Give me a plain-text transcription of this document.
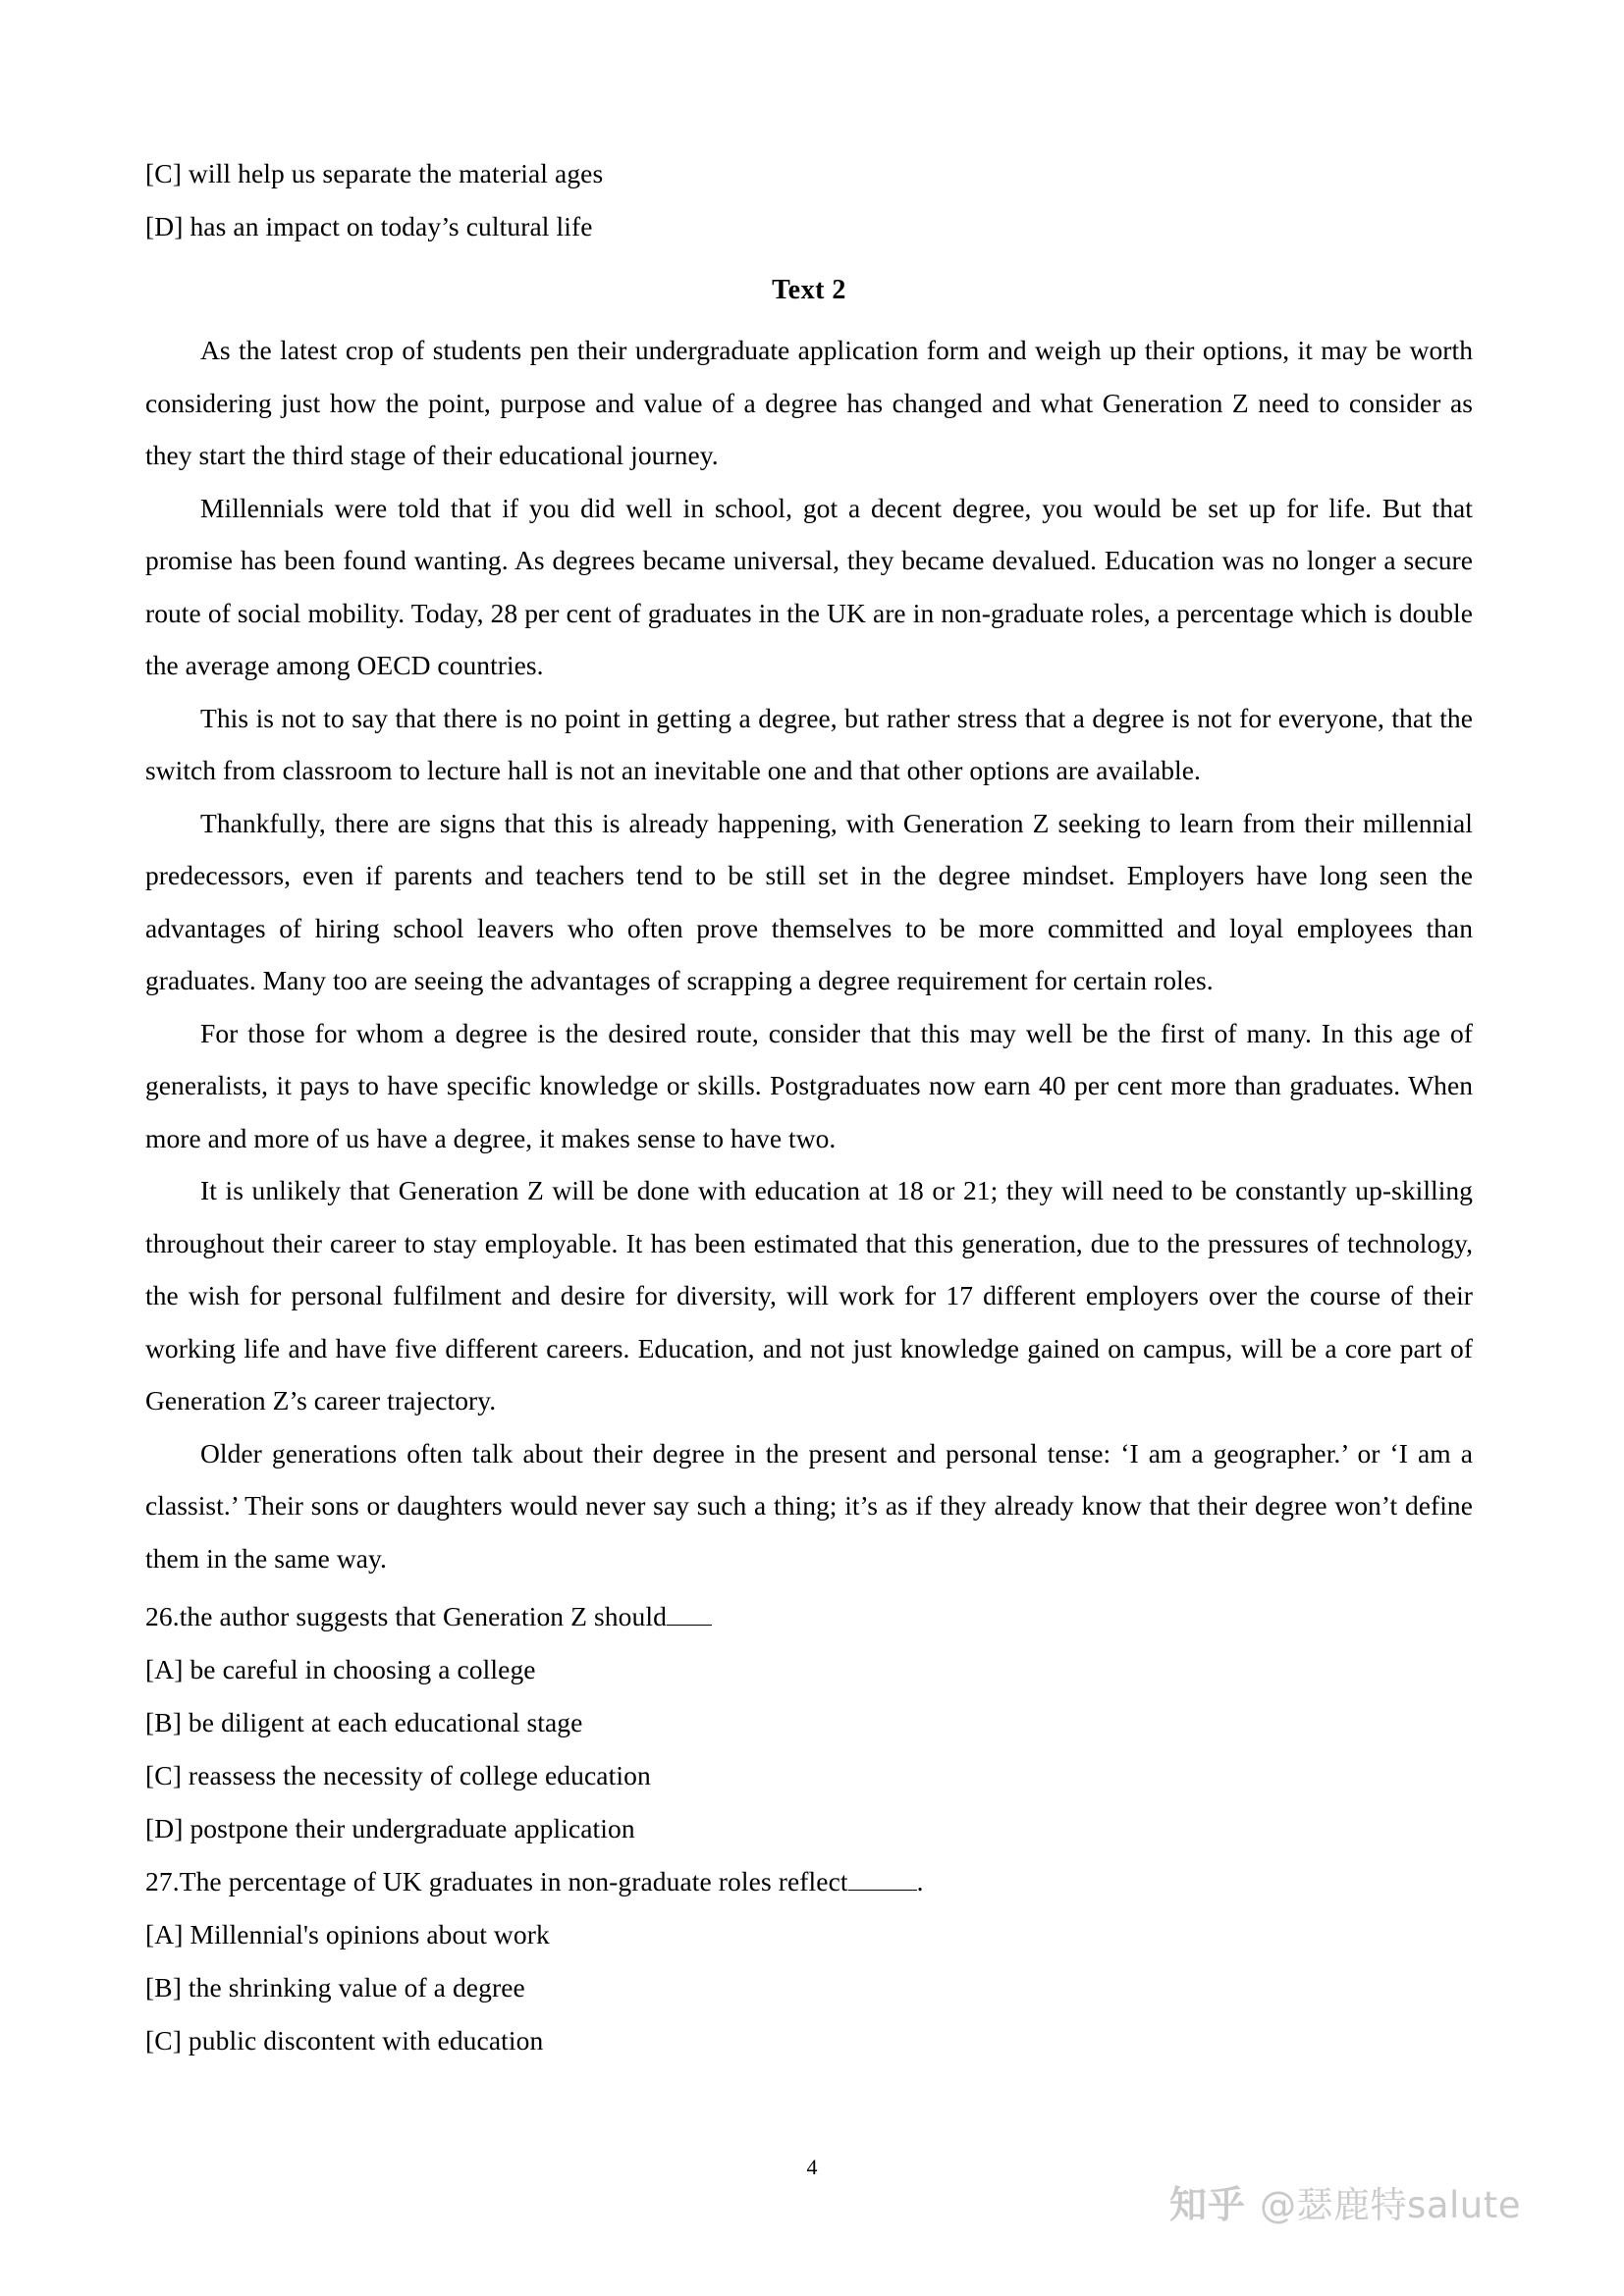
[C] will help us separate the material ages
[D] has an impact on today’s cultural life
Text 2

As the latest crop of students pen their undergraduate application form and weigh up their options, it may be worth considering just how the point, purpose and value of a degree has changed and what Generation Z need to consider as they start the third stage of their educational journey.

Millennials were told that if you did well in school, got a decent degree, you would be set up for life. But that promise has been found wanting. As degrees became universal, they became devalued. Education was no longer a secure route of social mobility. Today, 28 per cent of graduates in the UK are in non-graduate roles, a percentage which is double the average among OECD countries.

This is not to say that there is no point in getting a degree, but rather stress that a degree is not for everyone, that the switch from classroom to lecture hall is not an inevitable one and that other options are available.

Thankfully, there are signs that this is already happening, with Generation Z seeking to learn from their millennial predecessors, even if parents and teachers tend to be still set in the degree mindset. Employers have long seen the advantages of hiring school leavers who often prove themselves to be more committed and loyal employees than graduates. Many too are seeing the advantages of scrapping a degree requirement for certain roles.

For those for whom a degree is the desired route, consider that this may well be the first of many. In this age of generalists, it pays to have specific knowledge or skills. Postgraduates now earn 40 per cent more than graduates. When more and more of us have a degree, it makes sense to have two.

It is unlikely that Generation Z will be done with education at 18 or 21; they will need to be constantly up-skilling throughout their career to stay employable. It has been estimated that this generation, due to the pressures of technology, the wish for personal fulfilment and desire for diversity, will work for 17 different employers over the course of their working life and have five different careers. Education, and not just knowledge gained on campus, will be a core part of Generation Z’s career trajectory.

Older generations often talk about their degree in the present and personal tense: ‘I am a geographer.’ or ‘I am a classist.’ Their sons or daughters would never say such a thing; it’s as if they already know that their degree won’t define them in the same way.

26.the author suggests that Generation Z should
[A] be careful in choosing a college
[B] be diligent at each educational stage
[C] reassess the necessity of college education
[D] postpone their undergraduate application
27.The percentage of UK graduates in non-graduate roles reflect	.
[A] Millennial's opinions about work
[B] the shrinking value of a degree
[C] public discontent with education
4
知乎 @瑟鹿特salute
